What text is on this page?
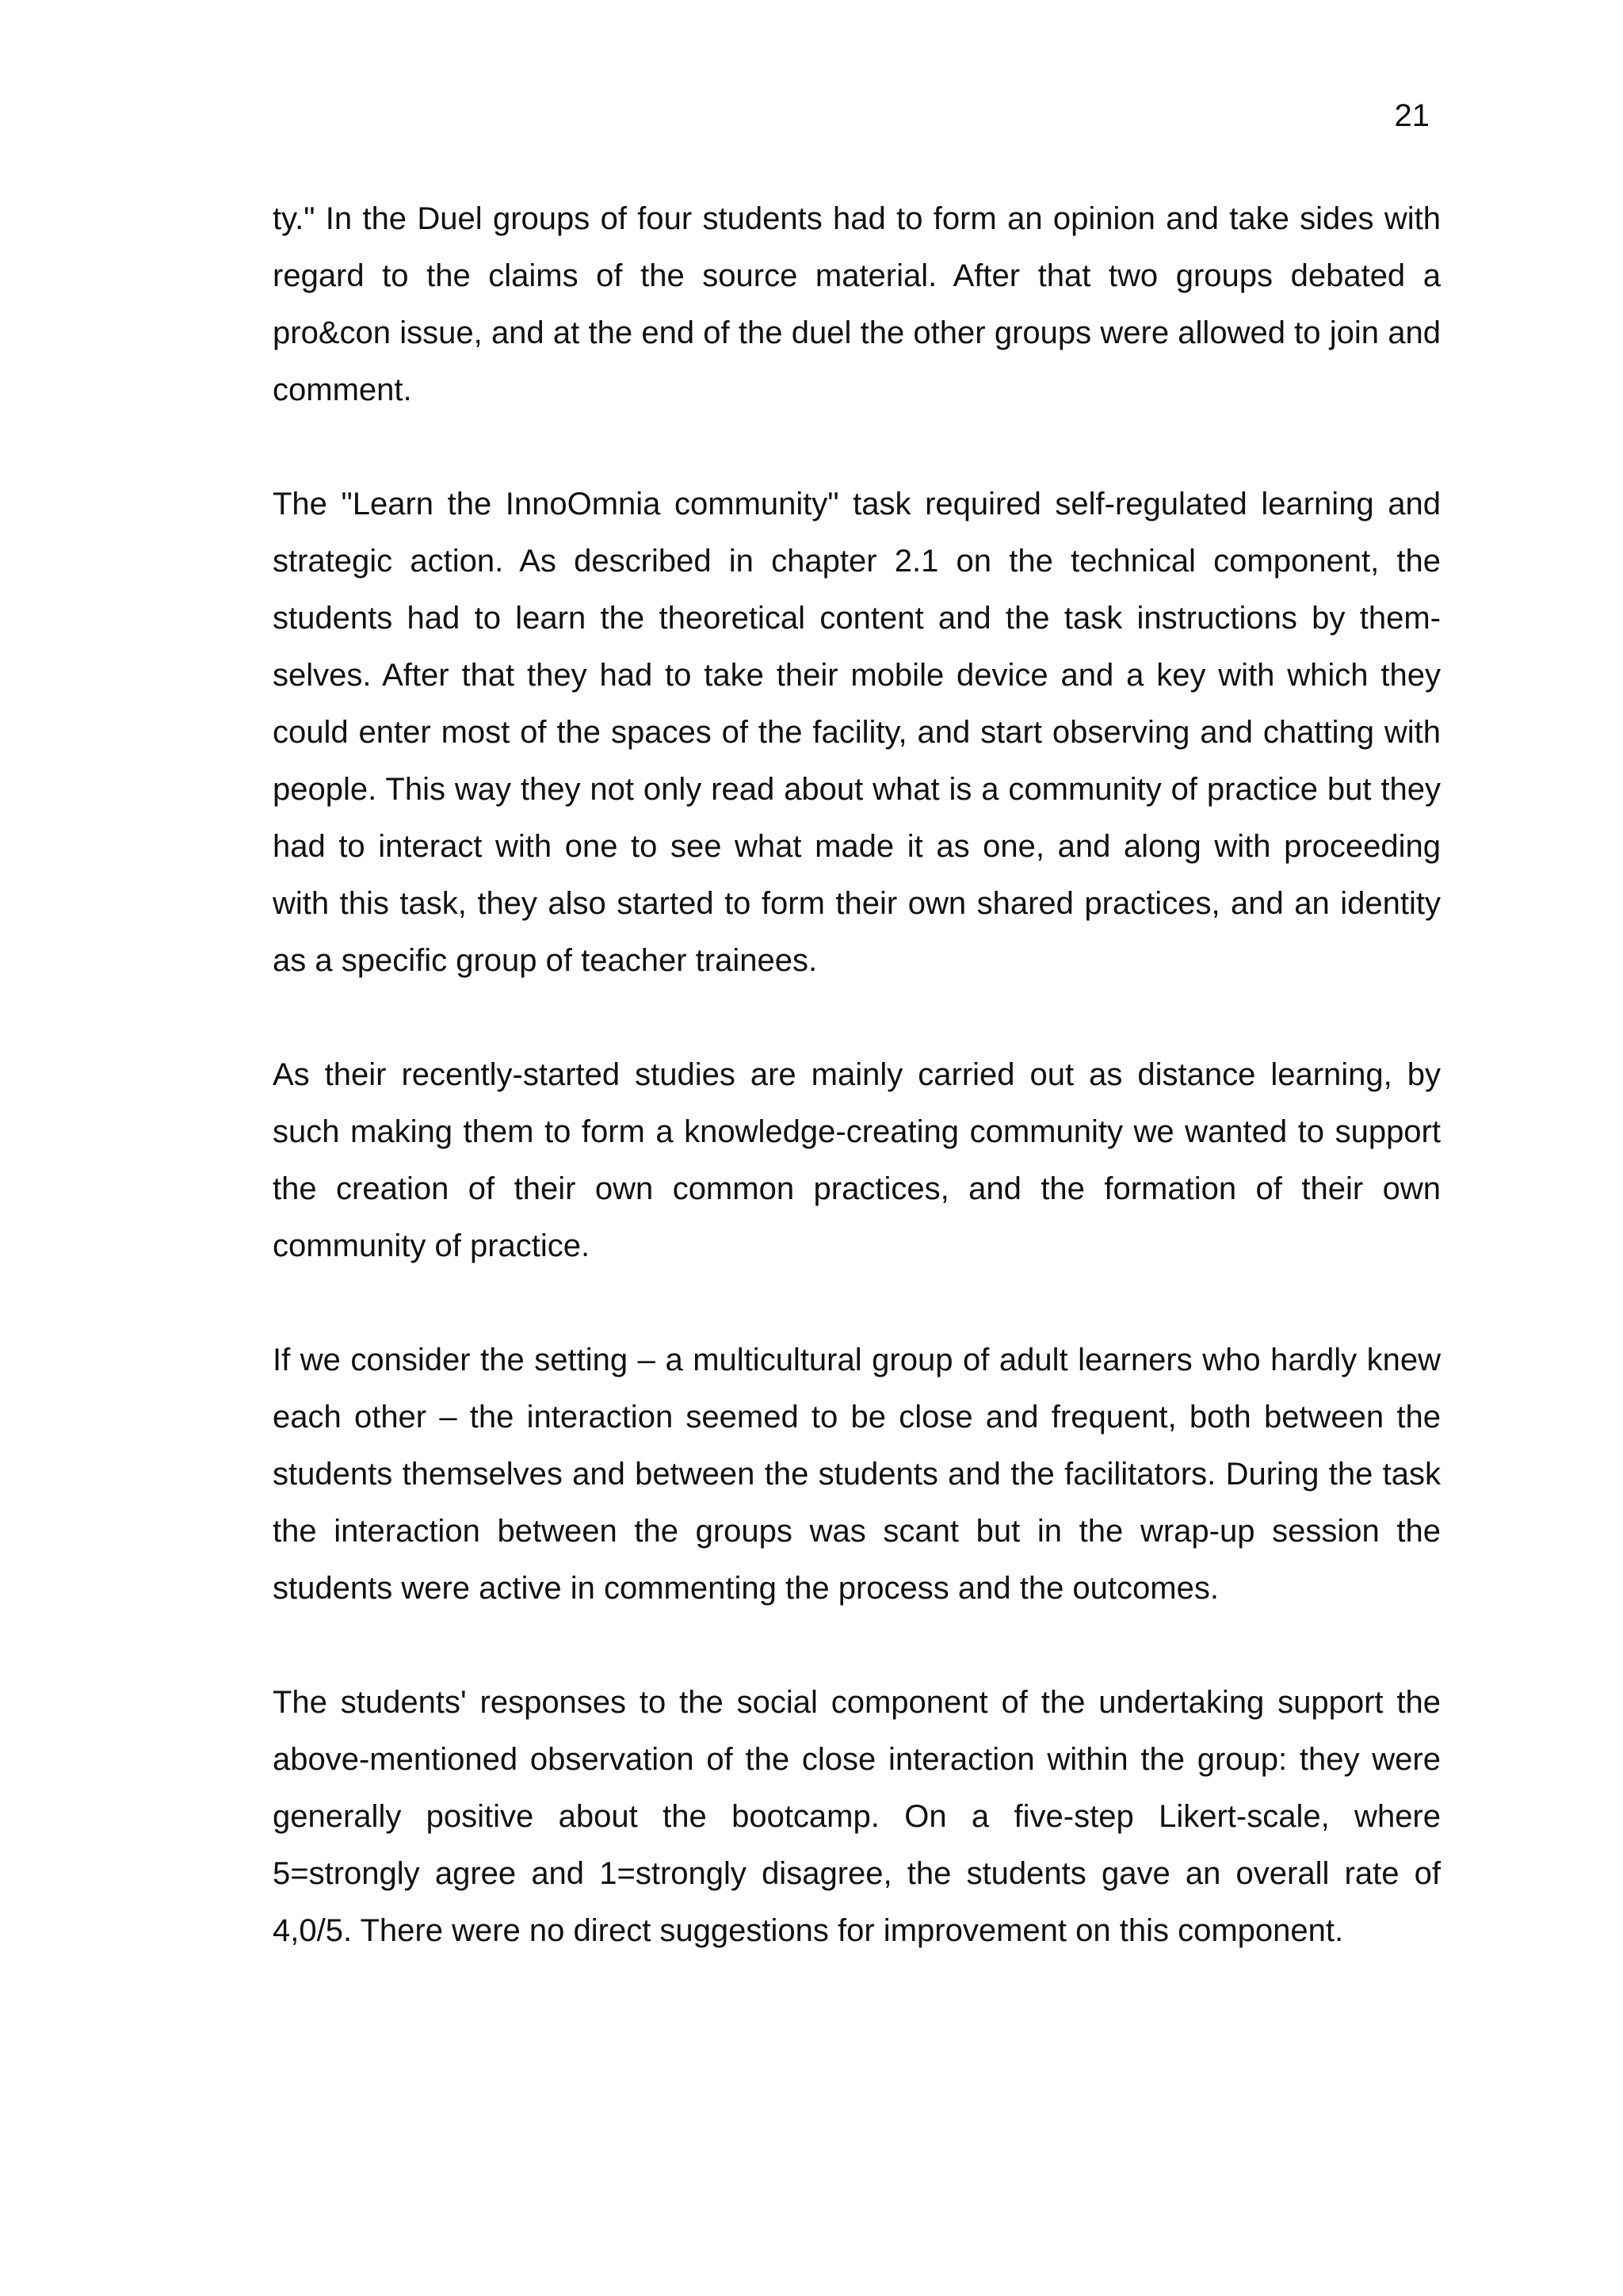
21

ty." In the Duel groups of four students had to form an opinion and take sides with regard to the claims of the source material. After that two groups debated a pro&con issue, and at the end of the duel the other groups were allowed to join and comment.

The "Learn the InnoOmnia community" task required self-regulated learning and strategic action. As described in chapter 2.1 on the technical component, the students had to learn the theoretical content and the task instructions by themselves. After that they had to take their mobile device and a key with which they could enter most of the spaces of the facility, and start observing and chatting with people. This way they not only read about what is a community of practice but they had to interact with one to see what made it as one, and along with proceeding with this task, they also started to form their own shared practices, and an identity as a specific group of teacher trainees.

As their recently-started studies are mainly carried out as distance learning, by such making them to form a knowledge-creating community we wanted to support the creation of their own common practices, and the formation of their own community of practice.

If we consider the setting – a multicultural group of adult learners who hardly knew each other – the interaction seemed to be close and frequent, both between the students themselves and between the students and the facilitators. During the task the interaction between the groups was scant but in the wrap-up session the students were active in commenting the process and the outcomes.

The students' responses to the social component of the undertaking support the above-mentioned observation of the close interaction within the group: they were generally positive about the bootcamp. On a five-step Likert-scale, where 5=strongly agree and 1=strongly disagree, the students gave an overall rate of 4,0/5. There were no direct suggestions for improvement on this component.
